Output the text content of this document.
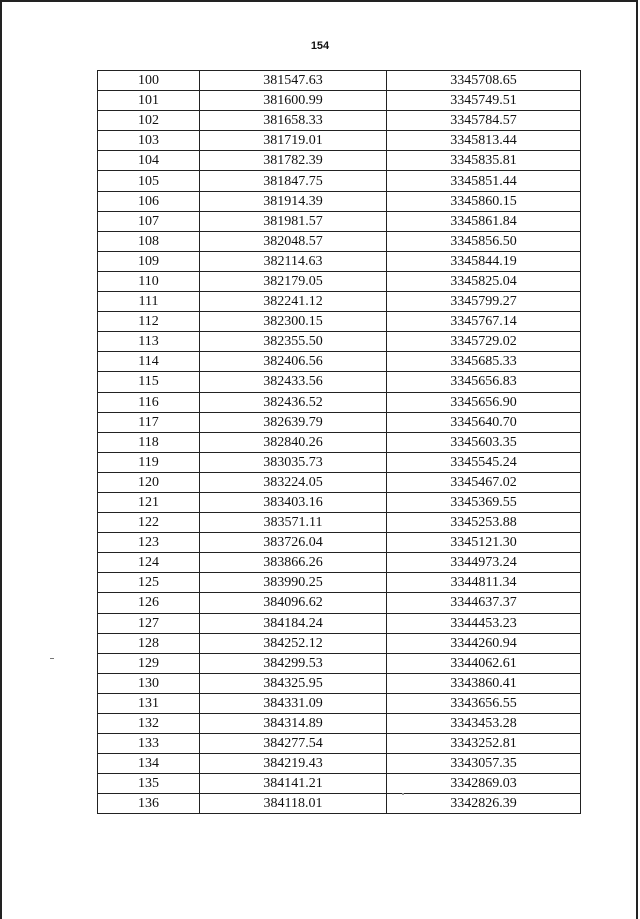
154
100	381547.63	3345708.65
101	381600.99	3345749.51
102	381658.33	3345784.57
103	381719.01	3345813.44
104	381782.39	3345835.81
105	381847.75	3345851.44
106	381914.39	3345860.15
107	381981.57	3345861.84
108	382048.57	3345856.50
109	382114.63	3345844.19
110	382179.05	3345825.04
111	382241.12	3345799.27
112	382300.15	3345767.14
113	382355.50	3345729.02
114	382406.56	3345685.33
115	382433.56	3345656.83
116	382436.52	3345656.90
117	382639.79	3345640.70
118	382840.26	3345603.35
119	383035.73	3345545.24
120	383224.05	3345467.02
121	383403.16	3345369.55
122	383571.11	3345253.88
123	383726.04	3345121.30
124	383866.26	3344973.24
125	383990.25	3344811.34
126	384096.62	3344637.37
127	384184.24	3344453.23
128	384252.12	3344260.94
129	384299.53	3344062.61
130	384325.95	3343860.41
131	384331.09	3343656.55
132	384314.89	3343453.28
133	384277.54	3343252.81
134	384219.43	3343057.35
135	384141.21	3342869.03
136	384118.01	3342826.39
